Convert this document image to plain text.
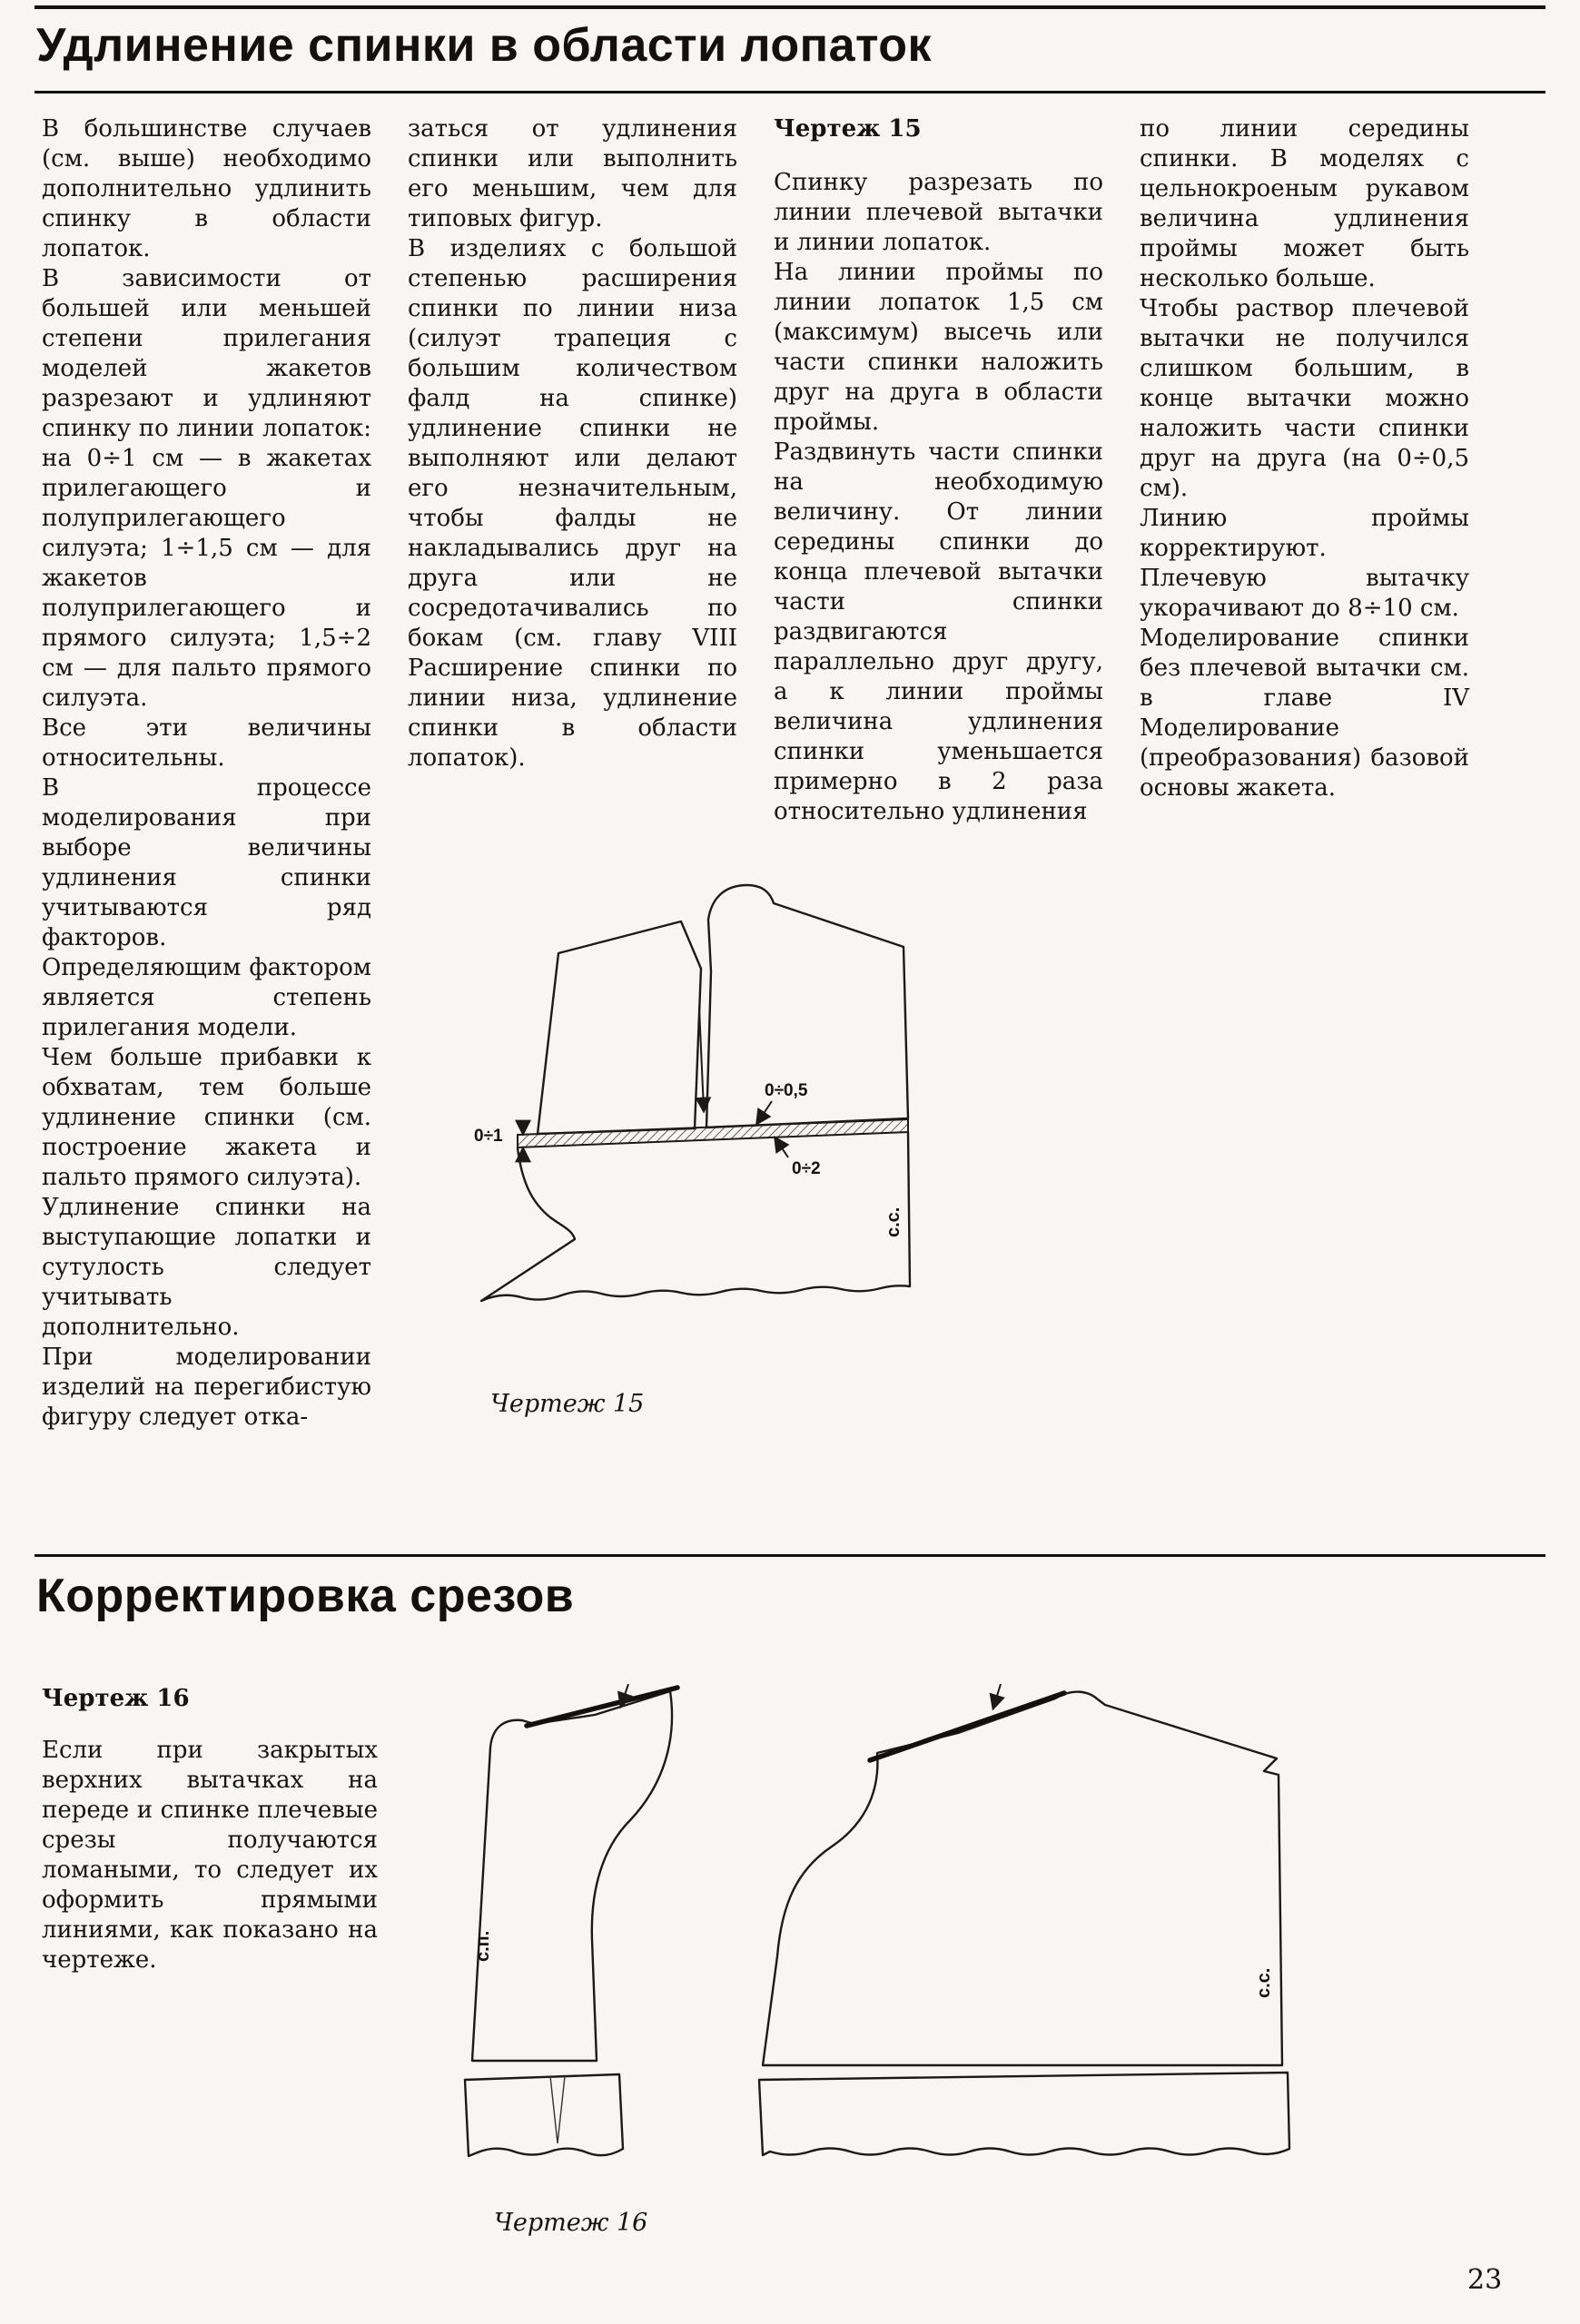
Удлинение спинки в области лопаток

В большинстве случаев (см. выше) необходимо дополнительно удлинить спинку в области лопаток.

В зависимости от большей или меньшей степени прилегания моделей жакетов разрезают и удлиняют спинку по линии лопаток: на 0÷1 см — в жакетах прилегающего и полуприлегающего силуэта; 1÷1,5 см — для жакетов полуприлегающего и прямого силуэта; 1,5÷2 см — для пальто прямого силуэта.

Все эти величины относительны.

В процессе моделирования при выборе величины удлинения спинки учитываются ряд факторов. Определяющим фактором является степень прилегания модели.

Чем больше прибавки к обхватам, тем больше удлинение спинки (см. построение жакета и пальто прямого силуэта).

Удлинение спинки на выступающие лопатки и сутулость следует учитывать дополнительно.

При моделировании изделий на перегибистую фигуру следует отка-

заться от удлинения спинки или выполнить его меньшим, чем для типовых фигур.

В изделиях с большой степенью расширения спинки по линии низа (силуэт трапеция с большим количеством фалд на спинке) удлинение спинки не выполняют или делают его незначительным, чтобы фалды не накладывались друг на друга или не сосредотачивались по бокам (см. главу VIII Расширение спинки по линии низа, удлинение спинки в области лопаток).

Чертеж 15

Спинку разрезать по линии плечевой вытачки и линии лопаток.

На линии проймы по линии лопаток 1,5 см (максимум) высечь или части спинки наложить друг на друга в области проймы.

Раздвинуть части спинки на необходимую величину. От линии середины спинки до конца плечевой вытачки части спинки раздвигаются параллельно друг другу, а к линии проймы величина удлинения спинки уменьшается примерно в 2 раза относительно удлинения

по линии середины спинки. В моделях с цельнокроеным рукавом величина удлинения проймы может быть несколько больше.

Чтобы раствор плечевой вытачки не получился слишком большим, в конце вытачки можно наложить части спинки друг на друга (на 0÷0,5 см).

Линию проймы корректируют.

Плечевую вытачку укорачивают до 8÷10 см.

Моделирование спинки без плечевой вытачки см. в главе IV Моделирование (преобразования) базовой основы жакета.

0÷1
0÷0,5
0÷2
с.с.
Чертеж 15
Корректировка срезов

Чертеж 16

Если при закрытых верхних вытачках на переде и спинке плечевые срезы получаются ломаными, то следует их оформить прямыми линиями, как показано на чертеже.	с.п.
с.с.
Чертеж 16
23
